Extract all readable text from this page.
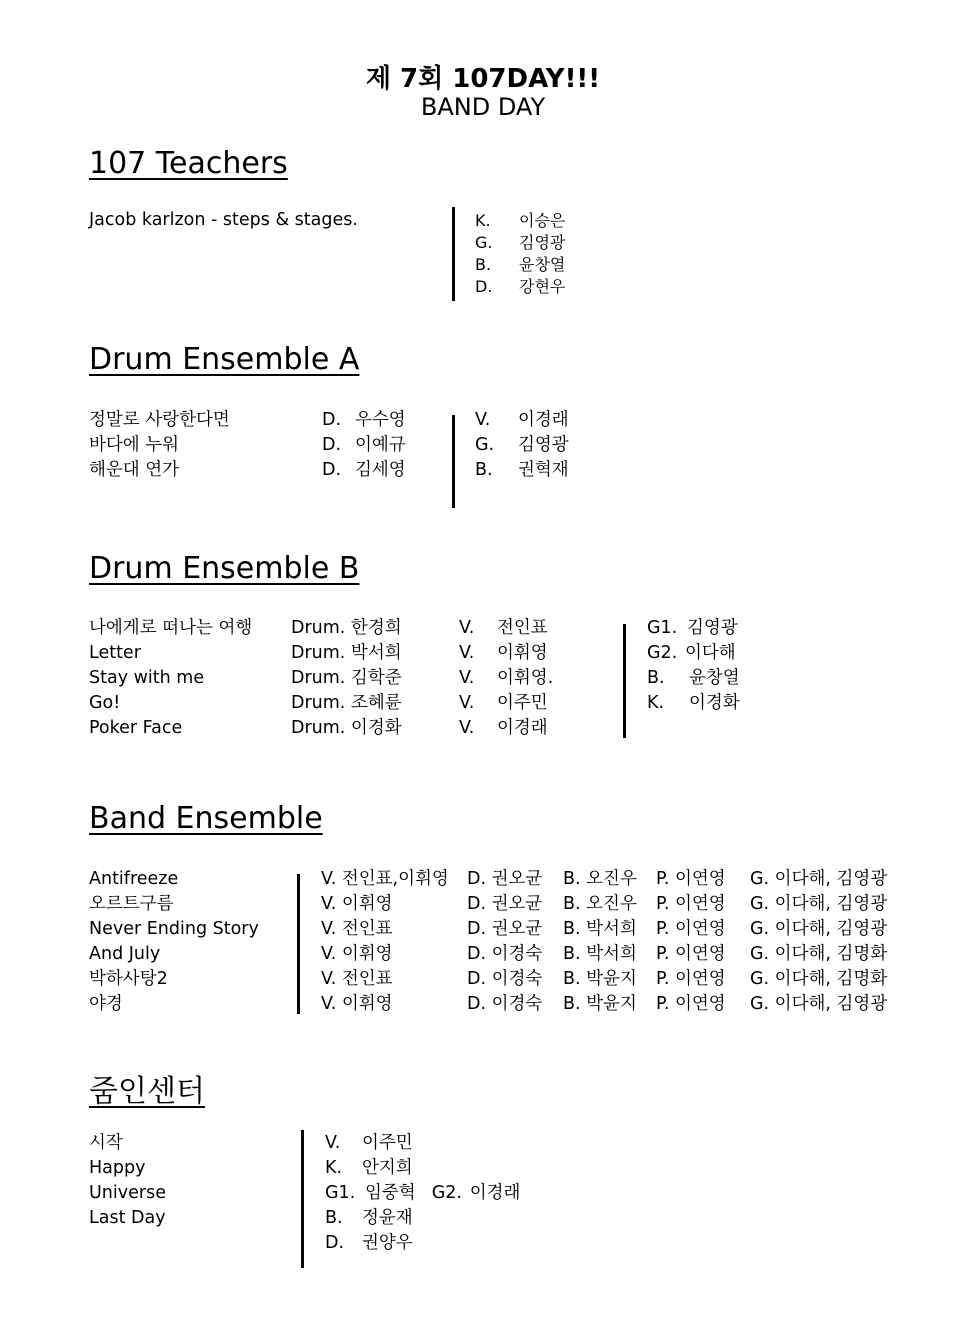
제 7회 107DAY!!!
BAND DAY
107 Teachers
Jacob karlzon - steps & stages.	K. 이승은
G. 김영광
B. 윤창열
D. 강현우
Drum Ensemble A
정말로 사랑한다면
바다에 누워
해운대 연가
D. 우수영
D. 이예규
D. 김세영
V. 이경래
G. 김영광
B. 권혁재
Drum Ensemble B
나에게로 떠나는 여행
Letter
Stay with me
Go!
Poker Face
Drum. 한경희
Drum. 박서희
Drum. 김학준
Drum. 조혜륜
Drum. 이경화
V. 전인표
V. 이휘영
V. 이휘영.
V. 이주민
V. 이경래
G1. 김영광
G2. 이다해
B. 윤창열
K. 이경화
Band Ensemble
Antifreeze
오르트구름
Never Ending Story
And July
박하사탕2
야경
V. 전인표,이휘영
V. 이휘영
V. 전인표
V. 이휘영
V. 전인표
V. 이휘영
D. 권오균
D. 권오균
D. 권오균
D. 이경숙
D. 이경숙
D. 이경숙
B. 오진우
B. 오진우
B. 박서희
B. 박서희
B. 박윤지
B. 박윤지
P. 이연영
P. 이연영
P. 이연영
P. 이연영
P. 이연영
P. 이연영
G. 이다해, 김영광
G. 이다해, 김영광
G. 이다해, 김영광
G. 이다해, 김명화
G. 이다해, 김명화
G. 이다해, 김영광
줌인센터
시작
Happy
Universe
Last Day
V. 이주민
K. 안지희
G1. 임중혁 G2. 이경래
B. 정윤재
D. 권양우
